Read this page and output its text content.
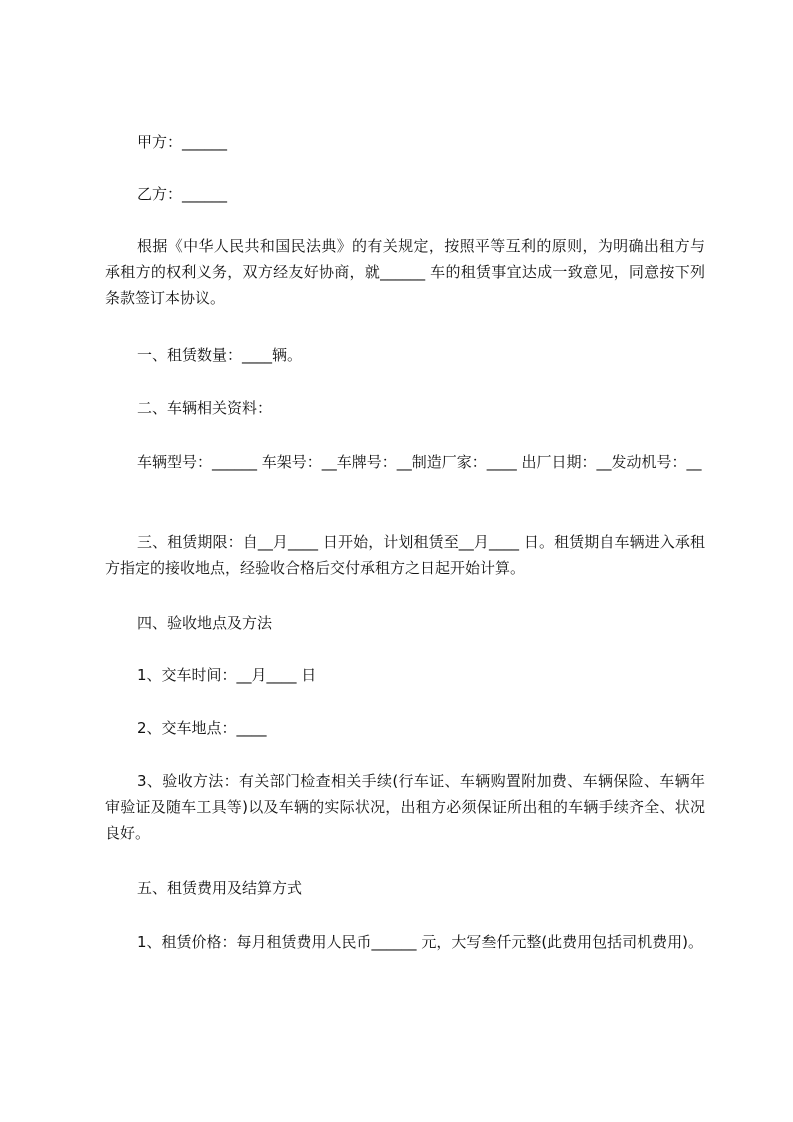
甲方：______

乙方：______

根据《中华人民共和国民法典》的有关规定，按照平等互利的原则，为明确出租方与承租方的权利义务，双方经友好协商，就______ 车的租赁事宜达成一致意见，同意按下列条款签订本协议。

一、租赁数量：____辆。

二、车辆相关资料：

车辆型号：______ 车架号：__车牌号：__制造厂家：____ 出厂日期：__发动机号：__

三、租赁期限：自__月____ 日开始，计划租赁至__月____ 日。租赁期自车辆进入承租方指定的接收地点，经验收合格后交付承租方之日起开始计算。

四、验收地点及方法

1、交车时间：__月____ 日

2、交车地点：____

3、验收方法：有关部门检查相关手续(行车证、车辆购置附加费、车辆保险、车辆年审验证及随车工具等)以及车辆的实际状况，出租方必须保证所出租的车辆手续齐全、状况良好。

五、租赁费用及结算方式

1、租赁价格：每月租赁费用人民币______ 元，大写叁仟元整(此费用包括司机费用)。
